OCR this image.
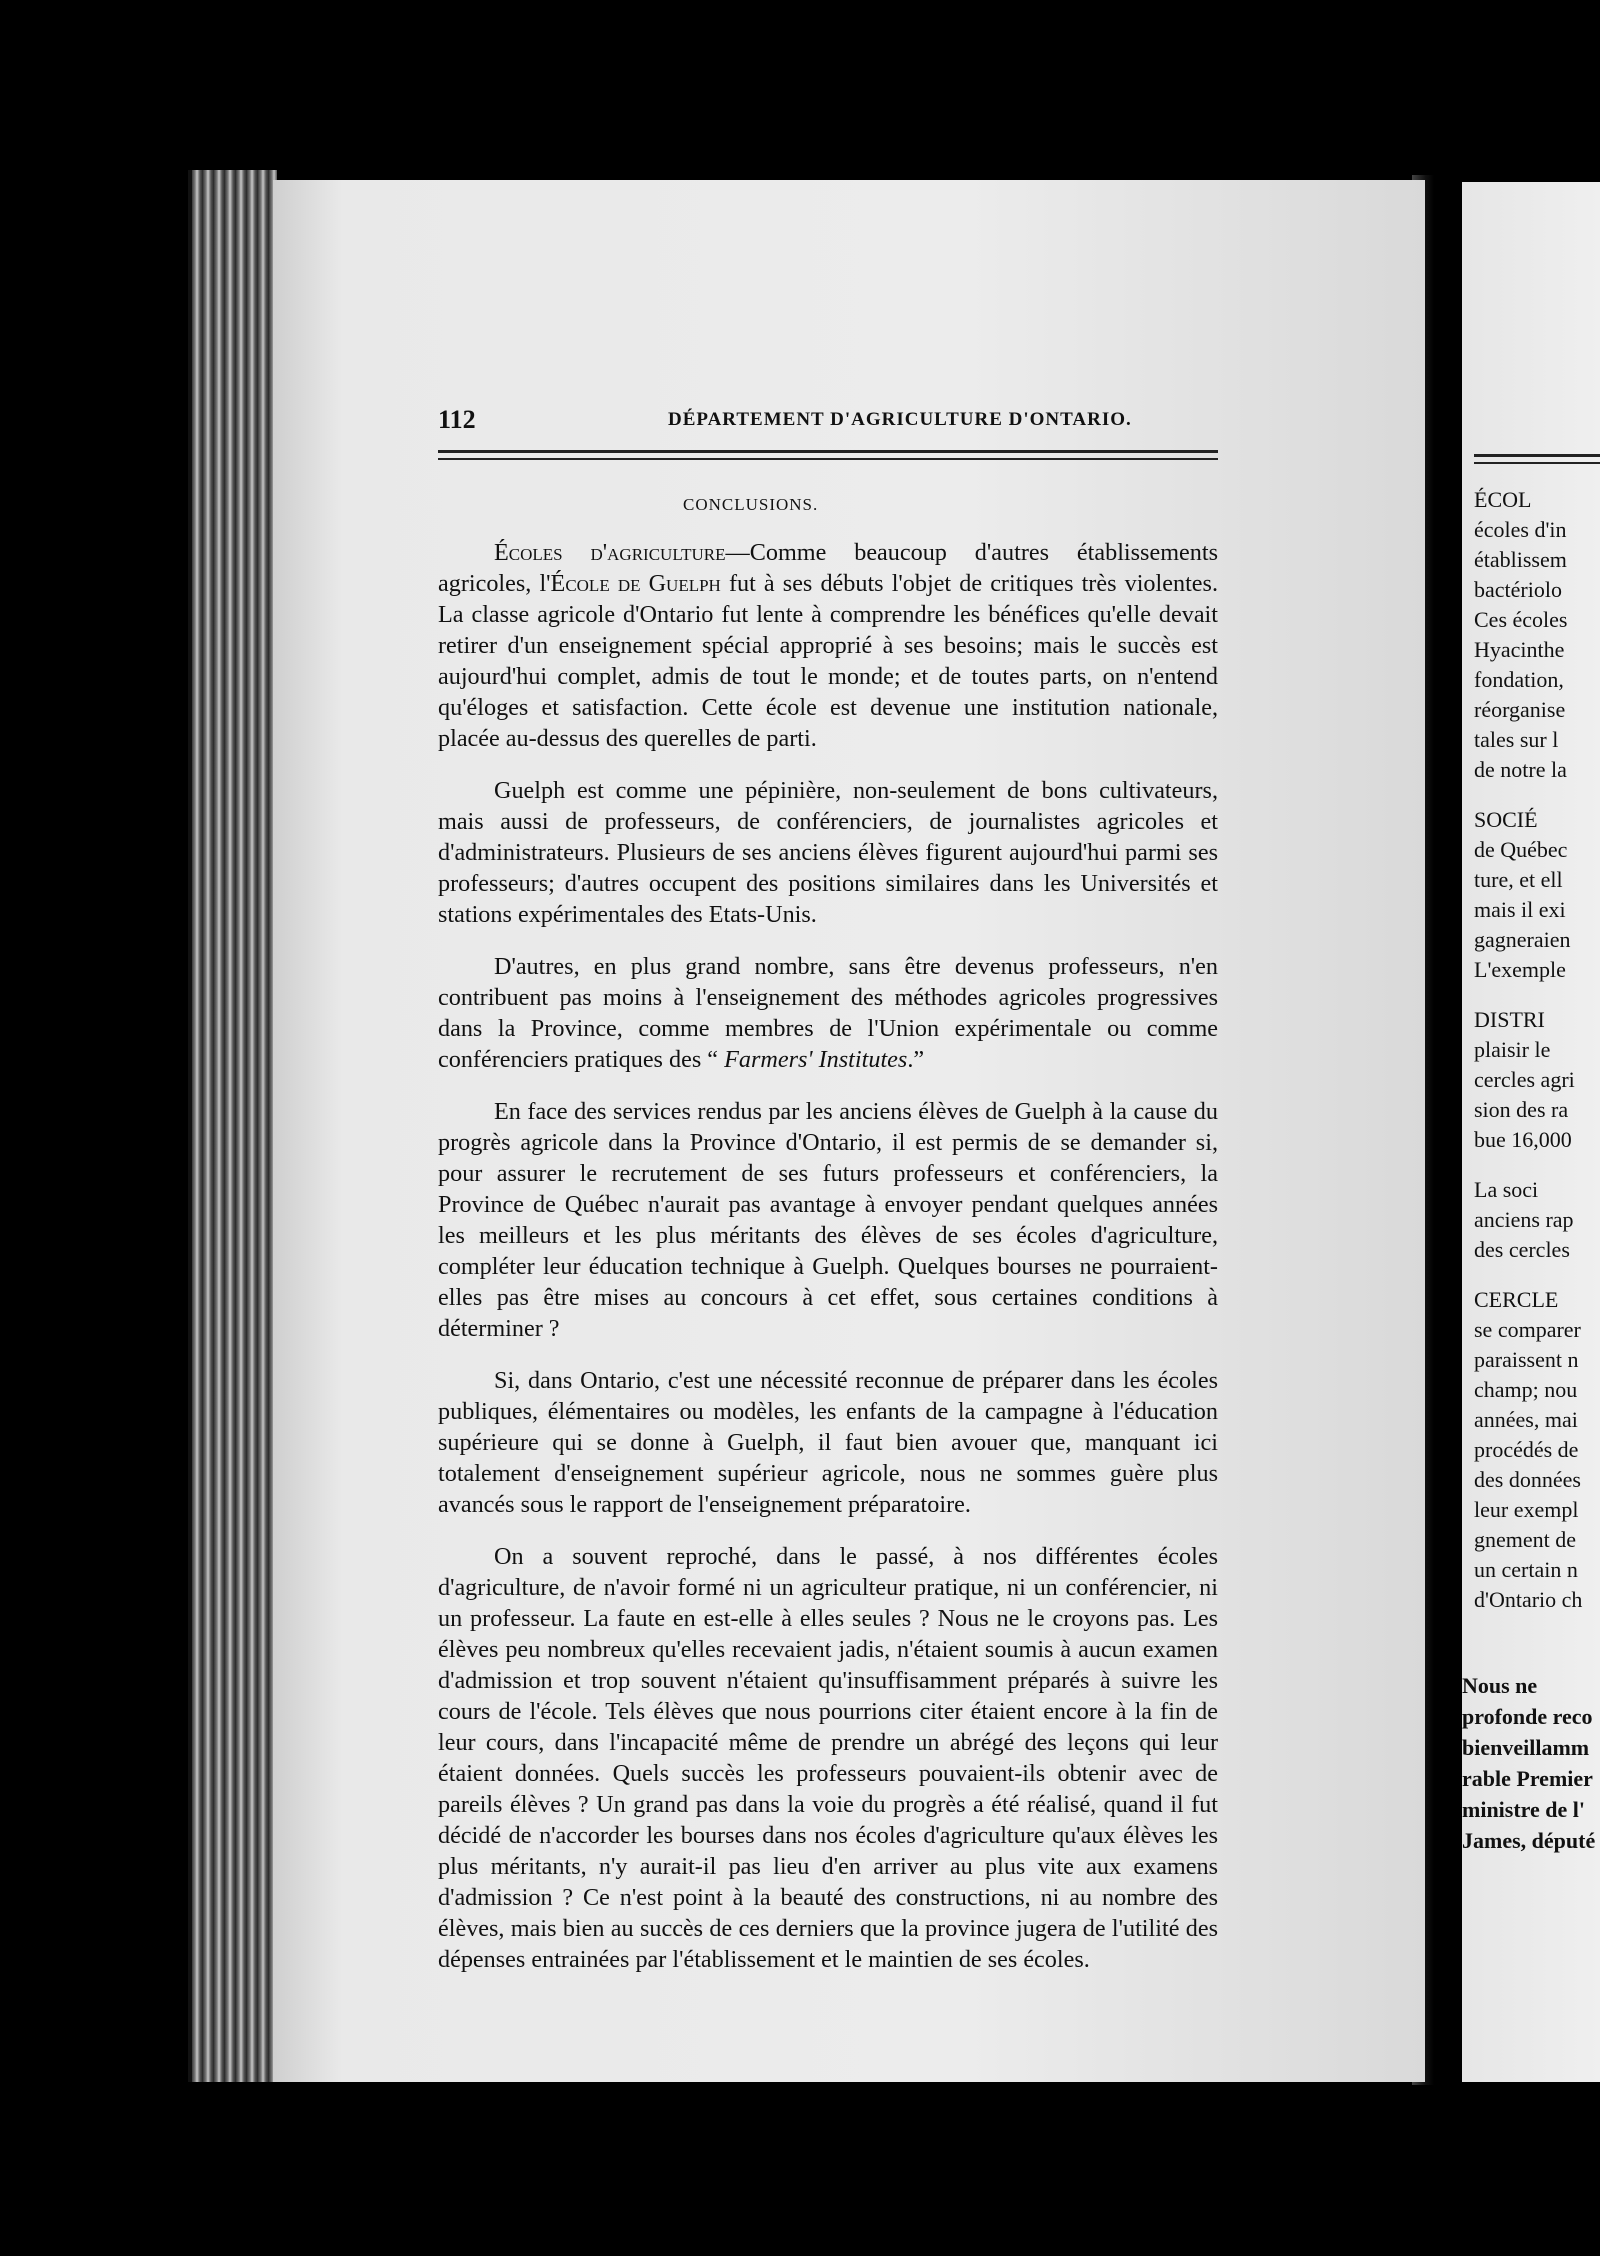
112	DÉPARTEMENT D'AGRICULTURE D'ONTARIO.
CONCLUSIONS.

Écoles d'agriculture—Comme beaucoup d'autres établissements agricoles, l'École de Guelph fut à ses débuts l'objet de critiques très violentes. La classe agricole d'Ontario fut lente à comprendre les bénéfices qu'elle devait retirer d'un enseignement spécial approprié à ses besoins; mais le succès est aujourd'hui complet, admis de tout le monde; et de toutes parts, on n'entend qu'éloges et satisfaction. Cette école est devenue une institution nationale, placée au-dessus des querelles de parti.

Guelph est comme une pépinière, non-seulement de bons cultivateurs, mais aussi de professeurs, de conférenciers, de journalistes agricoles et d'administrateurs. Plusieurs de ses anciens élèves figurent aujourd'hui parmi ses professeurs; d'autres occupent des positions similaires dans les Universités et stations expérimentales des Etats-Unis.

D'autres, en plus grand nombre, sans être devenus professeurs, n'en contribuent pas moins à l'enseignement des méthodes agricoles progressives dans la Province, comme membres de l'Union expérimentale ou comme conférenciers pratiques des “ Farmers' Institutes.”

En face des services rendus par les anciens élèves de Guelph à la cause du progrès agricole dans la Province d'Ontario, il est permis de se demander si, pour assurer le recrutement de ses futurs professeurs et conférenciers, la Province de Québec n'aurait pas avantage à envoyer pendant quelques années les meilleurs et les plus méritants des élèves de ses écoles d'agriculture, compléter leur éducation technique à Guelph. Quelques bourses ne pourraient-elles pas être mises au concours à cet effet, sous certaines conditions à déterminer ?

Si, dans Ontario, c'est une nécessité reconnue de préparer dans les écoles publiques, élémentaires ou modèles, les enfants de la campagne à l'éducation supérieure qui se donne à Guelph, il faut bien avouer que, manquant ici totalement d'enseignement supérieur agricole, nous ne sommes guère plus avancés sous le rapport de l'enseignement préparatoire.

On a souvent reproché, dans le passé, à nos différentes écoles d'agriculture, de n'avoir formé ni un agriculteur pratique, ni un conférencier, ni un professeur. La faute en est-elle à elles seules ? Nous ne le croyons pas. Les élèves peu nombreux qu'elles recevaient jadis, n'étaient soumis à aucun examen d'admission et trop souvent n'étaient qu'insuffisamment préparés à suivre les cours de l'école. Tels élèves que nous pourrions citer étaient encore à la fin de leur cours, dans l'incapacité même de prendre un abrégé des leçons qui leur étaient données. Quels succès les professeurs pouvaient-ils obtenir avec de pareils élèves ? Un grand pas dans la voie du progrès a été réalisé, quand il fut décidé de n'accorder les bourses dans nos écoles d'agriculture qu'aux élèves les plus méritants, n'y aurait-il pas lieu d'en arriver au plus vite aux examens d'admission ? Ce n'est point à la beauté des constructions, ni au nombre des élèves, mais bien au succès de ces derniers que la province jugera de l'utilité des dépenses entrainées par l'établissement et le maintien de ses écoles.

ÉCOL
écoles d'in
établissem
bactériolo
Ces écoles
Hyacinthe
fondation,
réorganise
tales sur l
de notre la
SOCIÉ
de Québec
ture, et ell
mais il exi
gagneraien
L'exemple
DISTRI
plaisir le
cercles agri
sion des ra
bue 16,000
La soci
anciens rap
des cercles
CERCLE
se comparer
paraissent n
champ; nou
années, mai
procédés de
des données
leur exempl
gnement de
un certain n
d'Ontario ch
Nous ne
profonde reco
bienveillamm
rable Premier
ministre de l'
James, député
